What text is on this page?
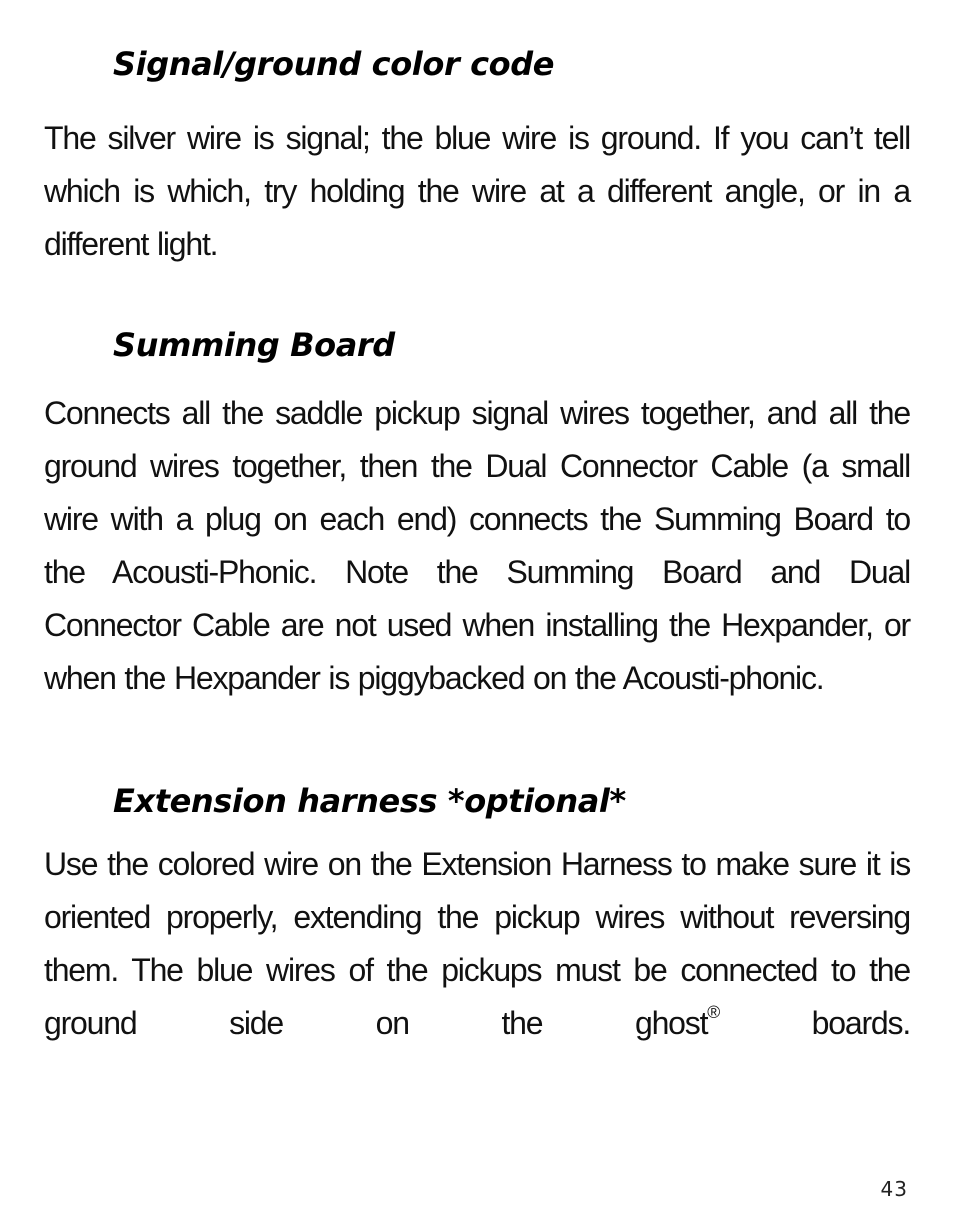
Signal/ground color code

The silver wire is signal; the blue wire is ground. If you can’t tell which is which, try holding the wire at a different angle, or in a different light.

Summing Board

Connects all the saddle pickup signal wires together, and all the ground wires together, then the Dual Connector Cable (a small wire with a plug on each end) connects the Summing Board to the Acousti-Phonic. Note the Summing Board and Dual Connector Cable are not used when installing the Hexpander, or when the Hexpander is piggybacked on the Acousti-phonic.

Extension harness *optional*

Use the colored wire on the Extension Harness to make sure it is oriented properly, extending the pickup wires without reversing them. The blue wires of the pickups must be connected to the ground side on the ghost® boards.

43
